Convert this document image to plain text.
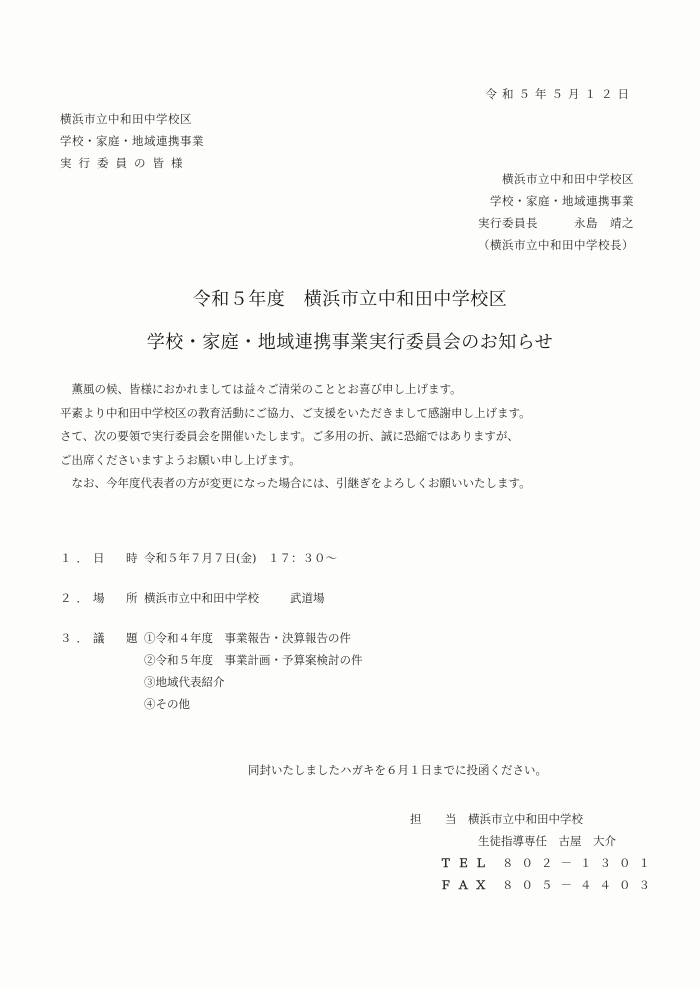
令和５年５月１２日
横浜市立中和田中学校区
学校・家庭・地域連携事業
実行委員の皆様
横浜市立中和田中学校区
学校・家庭・地域連携事業
実行委員長　　　永島　靖之
（横浜市立中和田中学校長）
令和５年度　横浜市立中和田中学校区
学校・家庭・地域連携事業実行委員会のお知らせ
　薫風の候、皆様におかれましては益々ご清栄のこととお喜び申し上げます。
平素より中和田中学校区の教育活動にご協力、ご支援をいただきまして感謝申し上げます。
さて、次の要領で実行委員会を開催いたします。ご多用の折、誠に恐縮ではありますが、
ご出席くださいますようお願い申し上げます。
　なお、今年度代表者の方が変更になった場合には、引継ぎをよろしくお願いいたします。
１．日　時 令和５年７月７日(金)　１７：３０～
２．場　所 横浜市立中和田中学校	武道場
３．議　題 ①令和４年度　事業報告・決算報告の件
②令和５年度　事業計画・予算案検討の件
③地域代表紹介
④その他
同封いたしましたハガキを６月１日までに投函ください。
担　当 横浜市立中和田中学校
生徒指導専任　古屋　大介
ＴＥＬ ８０２－１３０１
ＦＡＸ ８０５－４４０３
